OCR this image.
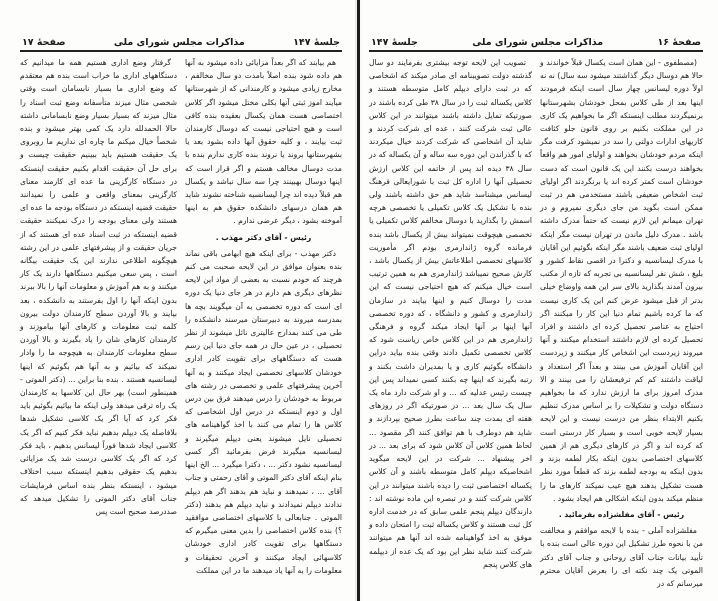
جلسهٔ ۱۴۷
مذاکرات مجلس شورای ملی
صفحهٔ ۱۷
هم بیابند که اگر بعداً مزایائی داده میشود به آنها هم داده شود بنده اصلاً بامدت دو سال مخالفم ، مخارج زیادی میشود و کارمندانی که از شهرستانها میآیند اموز ثبتی آنها بکلی مختل میشود اگر کلاس اختصاصی هست همان یکسال بعقیده بنده کافی است و هیچ احتیاجی نیست که دوسال کارمندان ثبت بیایند ، و کلیه حقوق آنها داده بشود بعد یا بشهرستانها بروند یا نروند بنده کاری ندارم بنده با مدت دوسال مخالف هستم و اگر قرار است که اینها دوسال بهبینند چرا سه سال نباشد و یکسال هم قبلاً دیده اند چرا لیسانسیه شناخته نشوند شاید هم همان درسهای دانشکده حقوق هم به اینها آموخته بشود ، دیگر عرضی ندارم .
رئیس - آقای دکتر مهذب .
دکتر مهذب - برای اینکه هیچ ابهامی باقی نماند بنده بعنوان موافق در این لایحه صحبت می کنم هرچند که خودم نسبت به بعضی از مواد این لایحه نظرهای دیگری هم دارم در هر جای دنیا یک دوره ای است که دوره تخصصی به آن میگویند بچه ها بمدرسه میروند به دبیرستان میرسند دانشکده را طی می کنند بمدارج عالیتری نائل میشوند از نظر تحصیلی ، در عین حال در همه جای دنیا این رسم هست که دستگاههای برای تقویت کادر اداری خودشان کلاسهای تخصصی ایجاد میکنند و به آنها آخرین پیشرفتهای علمی و تخصصی در رشته های مربوط به خودشان را درس میدهند فرق بین درس اول و دوم اینستکه در درس اول اشخاصی که کلاس ها را تمام می کنند با اخذ گواهینامه های تحصیلی نایل میشوند یعنی دیپلم میگیرند و لیسانسیه میگیرند فرض بفرمائید اگر کسی لیسانسیه نشود دکتر ... ، دکترا میگیرد ... الخ اینها بنام اینکه آقای دکتر الموتی و آقای رحمتی و جناب آقای ... ، نمیدهند و نباید هم بدهند اگر هم دیپلم ندادند دیپلم نمیدادند و نباید دیپلم هم بدهند (دکتر الموتی . جنابعالی با کلاسهای اختصاصی موافقید ؟) بنده کلاس اختصاصی را بدین معنی میگیرم که دستگاهها برای تقویت کادر اداری خودشان کلاسهائی ایجاد میکنند و آخرین تحقیقات و معلومات را به آنها یاد میدهند ما در این مملکت
گرفتار وضع اداری هستیم همه ما میدانیم که دستگاههای اداری ما خراب است بنده هم معتقدم که وضع اداری ما بسیار نابسامان است وقتی شخصی مثال میزند متأسفانه وضع ثبت اسناد را مثال میزند که بسیار بسیار وضع نابسامانی داشته حالا الحمدلله دارد یک کمی بهتر میشود و بنده شخصاً خیال میکنم ما چاره ای نداریم ما روبروی یک حقیقت هستیم باید ببینیم حقیقت چیست و برای حل آن حقیقت اقدام بکنیم حقیقت اینستکه در دستگاه کارگزینی ما عده ای کارمند معنای کارگزینی بمعنای واقعی و علمی را نمیدانند حقیقت قضیه اینستکه در دستگاه بودجه ما عده ای هستند ولی معنای بودجه را درک نمیکنند حقیقت قضیه اینستکه در ثبت اسناد عده ای هستند که از جریان حقیقت و از پیشرفتهای علمی در این رشته هیچگونه اطلاعی ندارند این یک حقیقت بیگانه است ، پس سعی میکنیم دستگاهها دارند یک کار میکنند و به هم آموزش و معلومات آنها را بالا ببرند بدون اینکه آنها را اول بفرستند به دانشکده ، بعد بیایند و بالا آوردن سطح کارمندان دولت بیرون کلمه ثبت معلومات و کارهای آنها بیاموزند و کارمندان کارهای شان را یاد بگیرند و بالا آوردن سطح معلومات کارمندان به هیچوجه ما را وادار نمیکند که بیائیم و به آنها هم بگوئیم که اینها لیسانسیه هستند . بنده بنا براین ... (دکتر الموتی - همینطور است) بهر حال این کلاسها به کارمندان یک راه ترقی میدهد ولی اینکه ما بیائیم بگوئیم باید فکر کرد که آیا اگر یک کلاسی تشکیل شدها بلافاصله یک دیپلم بدهیم نباید فکر کنیم که اگر یک کلاسی ایجاد شدها فوراً لیسانس بدهیم ، باید فکر کرد که اگر یک کلاسی درست شد یک مزایائی بدهیم یک حقوقی بدهیم اینستکه سبب اختلاف میشود ، اینستکه بنظر بنده اساس فرمایشات جناب آقای دکتر الموتی را تشکیل میدهد که صددرصد صحیح است پس
صفحهٔ ۱۶
مذاکرات مجلس شورای ملی
جلسهٔ ۱۴۷
(مصطفوی - این همان است یکسال قبلاً خواندند و حالا هم دوسال دیگر گذاشتند میشود سه سال) نه نه اولاً دوره لیسانس چهار سال است اینکه فرمودند اینها بعد از طی کلاس بمحل خودشان بشهرستانها برنمیگردند مطلب اینستکه اگر ما بخواهیم یک کاری در این مملکت بکنیم بر روی قانون جلو کثافت کاریهای ادارات دولتی را سد در نمیشود کرفت مگر اینکه مردم خودشان بخواهند و اولیای امور هم واقعاً بخواهند درست بکنند این یک قانون است که دست خودشان است کمتر کرده اند یا برنگردند اگر اولیای ثبت اشخاص ضعیفی باشند مستخدمی هم در ثبت ممکن است بگوید من جای دیگری نمیروم و در تهران میمانم این لازم نیست که حتماً مدرک داشته باشد . مدرک دلیل ماندن در تهران نیست مگر اینکه اولیای ثبت ضعیف باشند مگر اینکه بگوئیم این آقایان با مدرک لیسانسیه و دکترا در اقصی نقاط کشور و بلیغ ، شش نفر لیسانسیه بی تجربه که تازه از مکتب بیرون آمدند بگذارید بالای سر این همه واوضاع خیلی بدتر از قبل میشود عرض کنم این یک کاری نیست که ما کرده باشیم تمام دنیا این کار را میکنند اگر احتیاج به عناصر تحصیل کرده ای داشتند و افراد تحصیل کرده ای لازم داشتند استخدام میکنند و آنها میروند زیردست این اشخاص کار میکنند و زیردست این آقایان آموزش می بینند و بعداً اگر استعداد و لیاقت داشتند کم کم ترفیعشان را می بینند و الا مدرک امروز برای ما ارزش ندارد که ما بخواهیم دستگاه دولت و تشکیلات را بر اساس مدرک تنظیم بکنیم الابتداء بنظر من درست نیست و این لایحه بسیار لایحه خوبی است و بسیار کار درستی است که کرده اند و اگر در کارهای دیگری هم از همین کلاسهای اختصاصی بدون اینکه بکار لطمه بزند و بدون اینکه به بودجه لطمه بزند که قطعاً مورد نظر هست تشکیل بدهند هیچ عیب نمیکند کارهای ما را منظم میکند بدون اینکه اشکالی هم ایجاد بشود .
رئیس - آقای مفلشزاده بفرمائید .
مفلشزاده آملی - بنده با لایحه موافقم و مخالفت من با نحوه طرز تشکیل این دوره عالی است بنده با تأیید بیانات جناب آقای روحانی و جناب آقای دکتر الموتی یک چند نکته ای را بعرض آقایان محترم میرسانم که در
تصویب این لایحه توجه بیشتری بفرمایند دو سال گذشته دولت تصویبنامه ای صادر میکند که اشخاصی که در ثبت دارای دیپلم کامل متوسطه هستند و کلاس یکساله ثبت را در سال ۳۸ طی کرده باشند در صورتیکه تمایل داشته باشند میتوانند در این کلاس عالی ثبت شرکت کنند ، عده ای شرکت کردند و شاید آن اشخاصی که شرکت کردند خیال میکردند که با گذراندن این دوره سه ساله و آن یکساله که در سال ۳۸ دیده اند پس از خاتمه این کلاس ارزش تحصیلی آنها را اداره کل ثبت با شورایعالی فرهنگ لیسانس میشناسد شاید هم حق داشته باشند ولی بنده با تشکیل یک کلاس تکمیلی یا تخصصی هرچه اسمش را بگذارید با دوسال مخالفم کلاس تکمیلی یا تخصصی هیچوقت نمیتواند بیش از یکسال باشد بنده فرمانده گروه ژاندارمری بودم اگر مأموریت کلاسهای تخصصی اطلاعاتش بیش از یکسال باشد ، کارش صحیح نمیباشد ژاندارمری هم به همین ترتیب است خیال میکنم که هیچ احتیاجی نیست که این مدت را دوسال کنیم و اینها بیایند در سازمان ژاندارمری و کشور و دانشگاه ، که دوره تخصصی آنها اینها بر آنها ایجاد میکند گروه و فرهنگی ژاندارمری هم در این کلاس خاص ریاست شود که کلاس تخصصی تکمیل دادند وقتی بنده بیاید دراین دانشگاه بگوئیم کاری و یا بمدیران داشت بکنند و رتبه بگیرند که اینها چه بکنند کسی نمیداند پس این چیست رئیس عدلیه که ... و او شرکت دارد ماه یک سال یک سال بعد ... در صورتیکه اگر در روزهای هفته ای بمدت چند ساعت بطرز صحیح بپردازند و شاید هم دوطرف با هم توافق کنند اگر مقصود ... لحاظ همین کلاس آن کلاس شود که برای بعد ... در اخر پیشنهاد ... شرکت در این لایحه میگوید اشخاصیکه دیپلم کامل متوسطه باشند و آن کلاس یکساله اختصاصی ثبت را دیده باشند میتوانند در این کلاس شرکت کنند و در تبصره این ماده نوشته اند : دارندگان دیپلم پنجم علمی سابق که در خدمت اداره کل ثبت هستند و کلاس یکساله ثبت را امتحان داده و موفق به اخذ گواهینامه شده اند آنها هم میتوانند شرکت کنند شاید نظر این بود که یک عده از دیپلمه های کلاس پنجم
